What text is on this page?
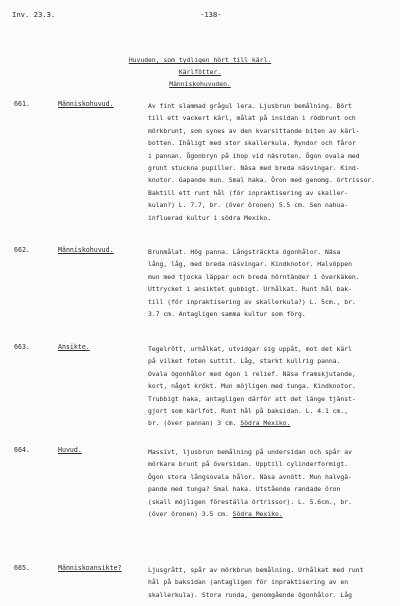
Inv. 23.3.	-138-
Huvuden, som tydligen hört till kärl.
Kärlfötter.
Människohuvuden.
661.	Människohuvud.	Av fint slammad grågul lera. Ljusbrun bemålning. Bört
till ett vackert kärl, målat på insidan i rödbrunt och
mörkbrunt, som synes av den kvarsittande biten av kärl-
botten. Ihåligt med stor skallerkula. Ryndor och fåror
i pannan. Ögonbryn på ihop vid näsroten. Ögon ovala med
grunt stuckna pupiller. Näsa med breda näsvingar. Kind-
knotor. Gapande mun. Smal haka. Öron med genomg. örtrissor.
Baktill ett runt hål (för inpraktisering av skaller-
kulan?) L. 7.7, br. (över öronen) 5.5 cm. Sen nahua-
influerad kultur i södra Mexiko.
662.	Människohuvud.	Brunmålat. Hög panna. Långsträckta ögonhålor. Näsa
lång, låg, med breda näsvingar. Kindknotor. Halvöppen
mun med tjocka läppar och breda hörntänder i överkäken.
Uttrycket i ansiktet gubbigt. Urhålkat. Runt hål bak-
till (för inpraktisering av skallerkula?) L. 5cm., br.
3.7 cm. Antagligen samma kultur som förg.
663.	Ansikte.	Tegelrött, urhålkat, utvidgar sig uppåt, mot det kärl
på vilket foten suttit. Låg, starkt kullrig panna.
Ovala ögonhålor med ögon i relief. Näsa framskjutande,
kort, något krökt. Mun möjligen med tunga. Kindknotor.
Trubbigt haka, antagligen därför att det länge tjänst-
gjort som kärlfot. Runt hål på baksidan. L. 4.1 cm.,
br. (över pannan) 3 cm. Södra Mexiko.
664.	Huvud.	Massivt, ljusbrun bemålning på undersidan och spår av
mörkare brunt på översidan. Upptill cylinderformigt.
Ögon stora långsovala hålor. Näsa avnött. Mun halvgä-
pande med tunga? Smal haka. Utstående randade öron
(skall möjligen föreställa örtrissor). L. 5.6cm., br.
(över öronen) 3.5 cm. Södra Mexiko.
665.	Människoansikte?	Ljusgrått, spår av mörkbrun bemålning. Urhålkat med runt
hål på baksidan (antagligen för inpraktisering av en
skallerkula). Stora runda, genomgående ögonhålor. Låg
